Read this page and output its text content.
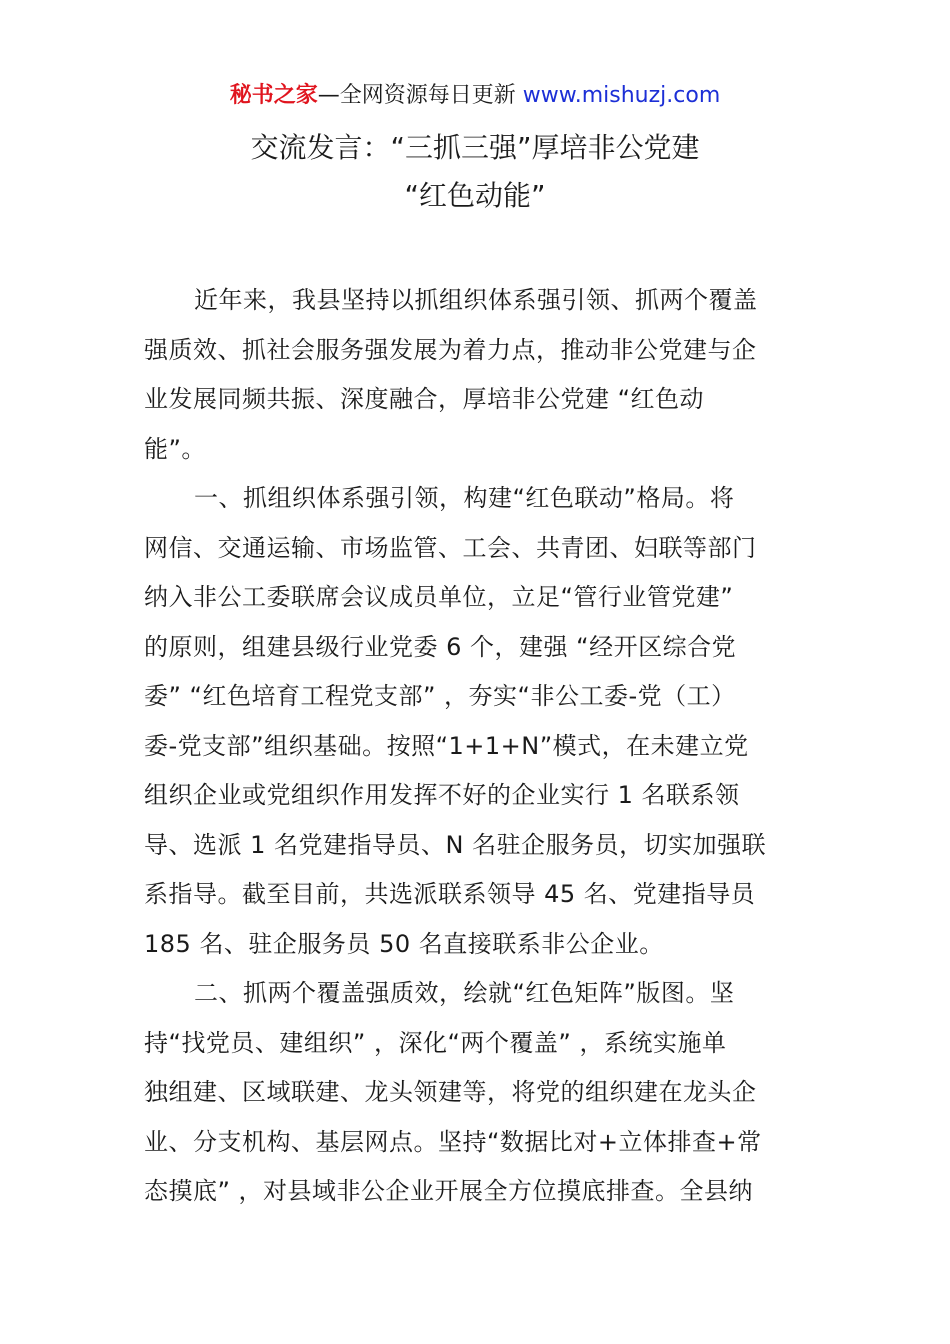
秘书之家—全网资源每日更新 www.mishuzj.com
交流发言：“三抓三强”厚培非公党建
“红色动能”
近年来，我县坚持以抓组织体系强引领、抓两个覆盖
强质效、抓社会服务强发展为着力点，推动非公党建与企
业发展同频共振、深度融合，厚培非公党建 “红色动
能”。
一、抓组织体系强引领，构建“红色联动”格局。将
网信、交通运输、市场监管、工会、共青团、妇联等部门
纳入非公工委联席会议成员单位，立足“管行业管党建”
的原则，组建县级行业党委 6 个，建强 “经开区综合党
委” “红色培育工程党支部” ，夯实“非公工委-党（工）
委-党支部”组织基础。按照“1+1+N”模式，在未建立党
组织企业或党组织作用发挥不好的企业实行 1 名联系领
导、选派 1 名党建指导员、N 名驻企服务员，切实加强联
系指导。截至目前，共选派联系领导 45 名、党建指导员
185 名、驻企服务员 50 名直接联系非公企业。
二、抓两个覆盖强质效，绘就“红色矩阵”版图。坚
持“找党员、建组织” ，深化“两个覆盖” ，系统实施单
独组建、区域联建、龙头领建等，将党的组织建在龙头企
业、分支机构、基层网点。坚持“数据比对+立体排查+常
态摸底” ，对县域非公企业开展全方位摸底排查。全县纳
